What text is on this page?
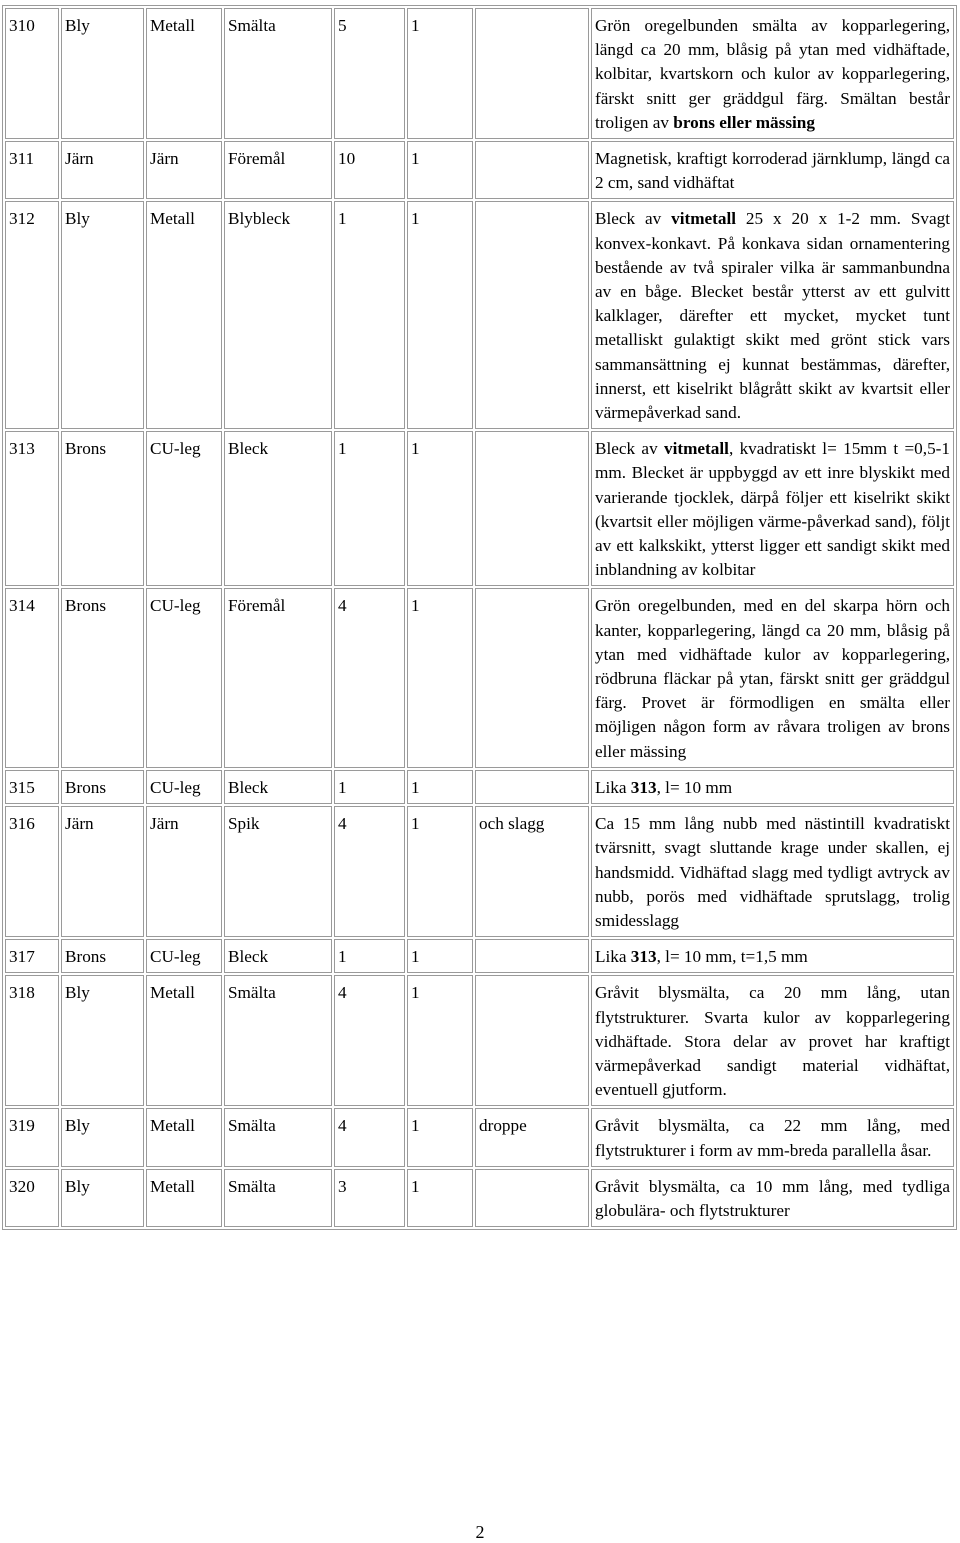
310	Bly	Metall	Smälta	5	1		Grön oregelbunden smälta av kopparlegering, längd ca 20 mm, blåsig på ytan med vidhäftade, kolbitar, kvartskorn och kulor av kopparlegering, färskt snitt ger gräddgul färg. Smältan består troligen av brons eller mässing
311	Järn	Järn	Föremål	10	1		Magnetisk, kraftigt korroderad järnklump, längd ca 2 cm, sand vidhäftat
312	Bly	Metall	Blybleck	1	1		Bleck av vitmetall 25 x 20 x 1-2 mm. Svagt konvex-konkavt. På konkava sidan ornamentering bestående av två spiraler vilka är sammanbundna av en båge. Blecket består ytterst av ett gulvitt kalklager, därefter ett mycket, mycket tunt metalliskt gulaktigt skikt med grönt stick vars sammansättning ej kunnat bestämmas, därefter, innerst, ett kiselrikt blågrått skikt av kvartsit eller värmepåverkad sand.
313	Brons	CU-leg	Bleck	1	1		Bleck av vitmetall, kvadratiskt l= 15mm t =0,5-1 mm. Blecket är uppbyggd av ett inre blyskikt med varierande tjocklek, därpå följer ett kiselrikt skikt (kvartsit eller möjligen värme-påverkad sand), följt av ett kalkskikt, ytterst ligger ett sandigt skikt med inblandning av kolbitar
314	Brons	CU-leg	Föremål	4	1		Grön oregelbunden, med en del skarpa hörn och kanter, kopparlegering, längd ca 20 mm, blåsig på ytan med vidhäftade kulor av kopparlegering, rödbruna fläckar på ytan, färskt snitt ger gräddgul färg. Provet är förmodligen en smälta eller möjligen någon form av råvara troligen av brons eller mässing
315	Brons	CU-leg	Bleck	1	1		Lika 313, l= 10 mm
316	Järn	Järn	Spik	4	1	och slagg	Ca 15 mm lång nubb med nästintill kvadratiskt tvärsnitt, svagt sluttande krage under skallen, ej handsmidd. Vidhäftad slagg med tydligt avtryck av nubb, porös med vidhäftade sprutslagg, trolig smidesslagg
317	Brons	CU-leg	Bleck	1	1		Lika 313, l= 10 mm, t=1,5 mm
318	Bly	Metall	Smälta	4	1		Gråvit blysmälta, ca 20 mm lång, utan flytstrukturer. Svarta kulor av kopparlegering vidhäftade. Stora delar av provet har kraftigt värmepåverkad sandigt material vidhäftat, eventuell gjutform.
319	Bly	Metall	Smälta	4	1	droppe	Gråvit blysmälta, ca 22 mm lång, med flytstrukturer i form av mm-breda parallella åsar.
320	Bly	Metall	Smälta	3	1		Gråvit blysmälta, ca 10 mm lång, med tydliga globulära- och flytstrukturer
2
